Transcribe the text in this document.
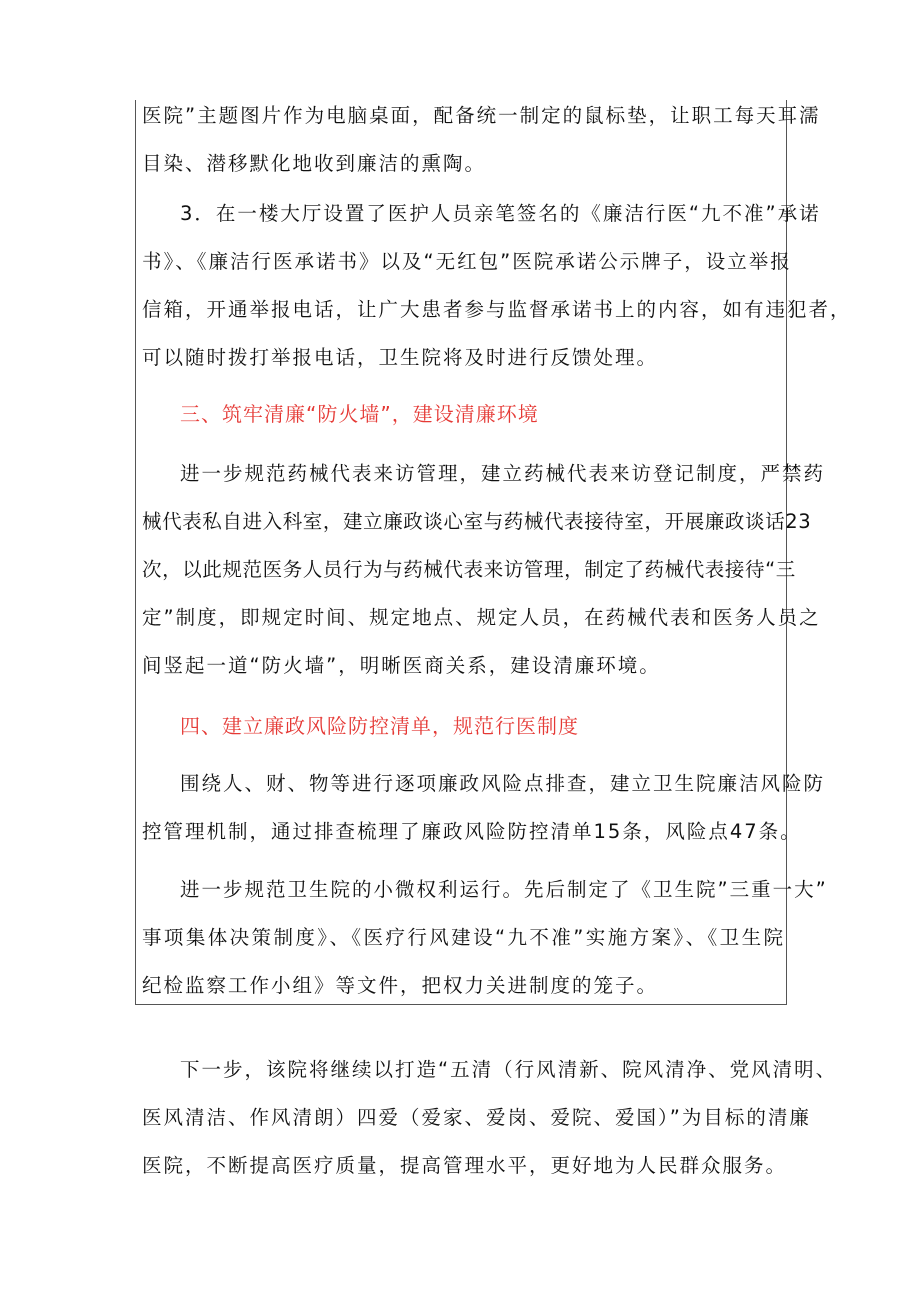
医院”主题图片作为电脑桌面，配备统一制定的鼠标垫，让职工每天耳濡
目染、潜移默化地收到廉洁的熏陶。
3．在一楼大厅设置了医护人员亲笔签名的《廉洁行医“九不准”承诺
书》、《廉洁行医承诺书》以及“无红包”医院承诺公示牌子，设立举报
信箱，开通举报电话，让广大患者参与监督承诺书上的内容，如有违犯者，
可以随时拨打举报电话，卫生院将及时进行反馈处理。
三、筑牢清廉“防火墙”，建设清廉环境
进一步规范药械代表来访管理，建立药械代表来访登记制度，严禁药
械代表私自进入科室，建立廉政谈心室与药械代表接待室，开展廉政谈话23
次，以此规范医务人员行为与药械代表来访管理，制定了药械代表接待“三
定”制度，即规定时间、规定地点、规定人员，在药械代表和医务人员之
间竖起一道“防火墙”，明晰医商关系，建设清廉环境。
四、建立廉政风险防控清单，规范行医制度
围绕人、财、物等进行逐项廉政风险点排查，建立卫生院廉洁风险防
控管理机制，通过排查梳理了廉政风险防控清单15条，风险点47条。
进一步规范卫生院的小微权利运行。先后制定了《卫生院”三重一大”
事项集体决策制度》、《医疗行风建设“九不准”实施方案》、《卫生院
纪检监察工作小组》等文件，把权力关进制度的笼子。
下一步，该院将继续以打造“五清（行风清新、院风清净、党风清明、
医风清洁、作风清朗）四爱（爱家、爱岗、爱院、爱国）”为目标的清廉
医院，不断提高医疗质量，提高管理水平，更好地为人民群众服务。
